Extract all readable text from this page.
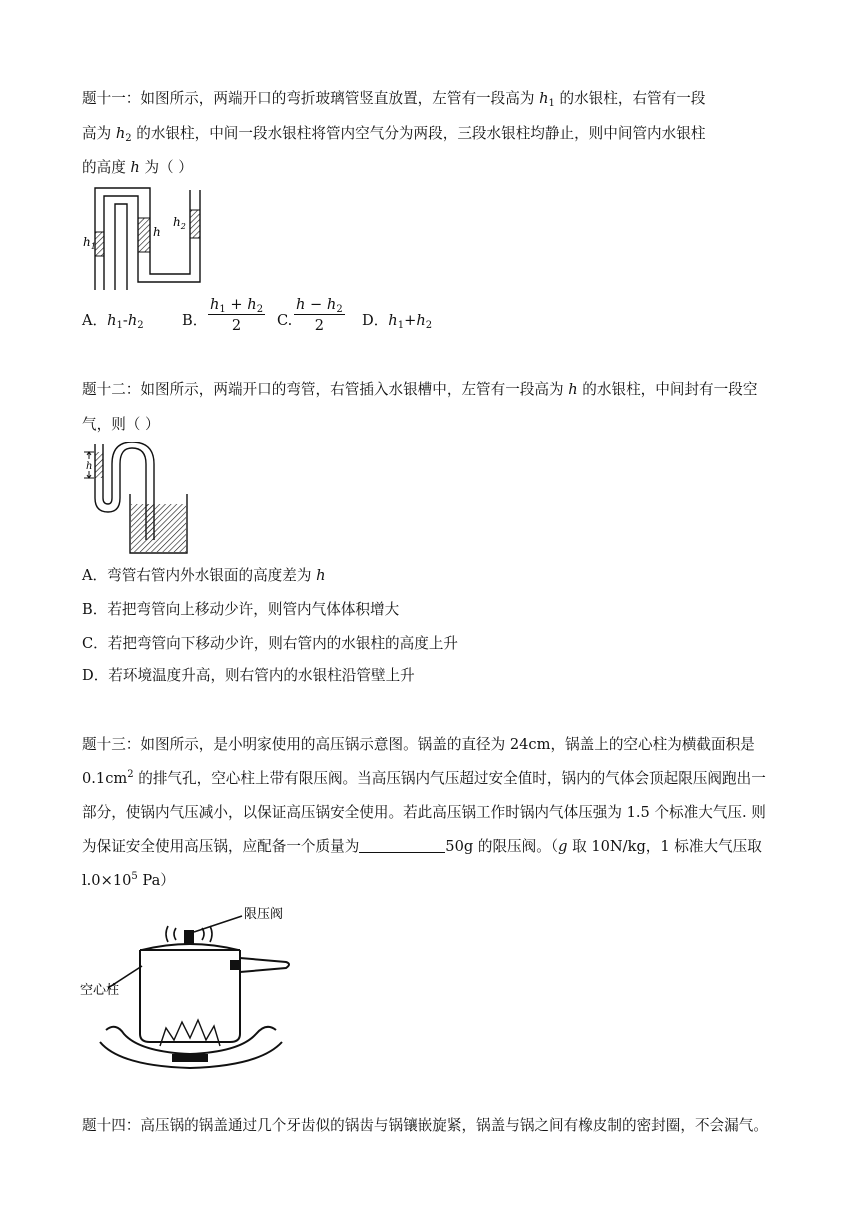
题十一：如图所示，两端开口的弯折玻璃管竖直放置，左管有一段高为 $h_1$ 的水银柱，右管有一段
高为 $h_2$ 的水银柱，中间一段水银柱将管内空气分为两段，三段水银柱均静止，则中间管内水银柱
的高度 h 为（ ）
$h_1$
h
$h_2$
A．$h_1-h_2$	B． $\frac{h_1 + h_2}{2} C$. $\frac{h - h_2}{2}$ D．$h_1+h_2$
题十二：如图所示，两端开口的弯管，右管插入水银槽中，左管有一段高为 h 的水银柱，中间封有一段空
气，则（ ）
h
A．弯管右管内外水银面的高度差为 h
B．若把弯管向上移动少许，则管内气体体积增大
C．若把弯管向下移动少许，则右管内的水银柱的高度上升
D．若环境温度升高，则右管内的水银柱沿管壁上升
题十三：如图所示，是小明家使用的高压锅示意图。锅盖的直径为 24cm，锅盖上的空心柱为横截面积是
$0.1cm^2$ 的排气孔，空心柱上带有限压阀。当高压锅内气压超过安全值时，锅内的气体会顶起限压阀跑出一
部分，使锅内气压减小，以保证高压锅安全使用。若此高压锅工作时锅内气体压强为 1.5 个标准大气压. 则
为保证安全使用高压锅，应配备一个质量为	50g 的限压阀。（g 取 10N/kg，1 标准大气压取
$l.0\times 10^5$ Pa）
限压阀
空心柱
题十四：高压锅的锅盖通过几个牙齿似的锅齿与锅镶嵌旋紧，锅盖与锅之间有橡皮制的密封圈，不会漏气。
